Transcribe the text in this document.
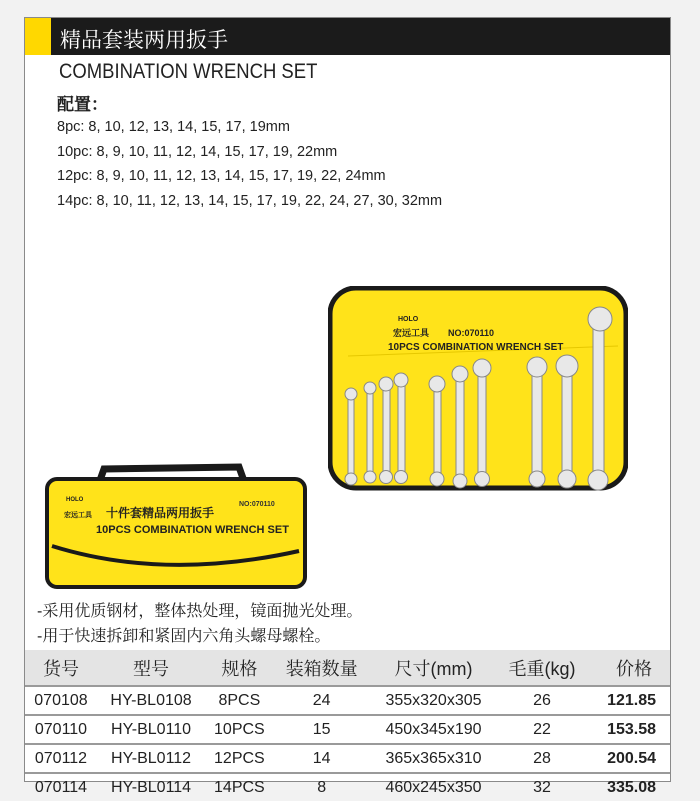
精品套装两用扳手
COMBINATION WRENCH SET
配置：
8pc: 8, 10, 12, 13, 14, 15, 17, 19mm
10pc: 8, 9, 10, 11, 12, 14, 15, 17, 19, 22mm
12pc: 8, 9, 10, 11, 12, 13, 14, 15, 17, 19, 22, 24mm
14pc: 8, 10, 11, 12, 13, 14, 15, 17, 19, 22, 24, 27, 30, 32mm
HOLO
宏远工具 NO:070110
10PCS COMBINATION WRENCH SET
HOLO
宏远工具 十件套精品两用扳手
NO:070110
10PCS COMBINATION WRENCH SET
-采用优质钢材，整体热处理，镜面抛光处理。
-用于快速拆卸和紧固内六角头螺母螺栓。
货号	型号	规格	装箱数量	尺寸(mm)	毛重(kg)	价格
070108	HY-BL0108	8PCS	24	355x320x305	26	121.85
070110	HY-BL0110	10PCS	15	450x345x190	22	153.58
070112	HY-BL0112	12PCS	14	365x365x310	28	200.54
070114	HY-BL0114	14PCS	8	460x245x350	32	335.08
